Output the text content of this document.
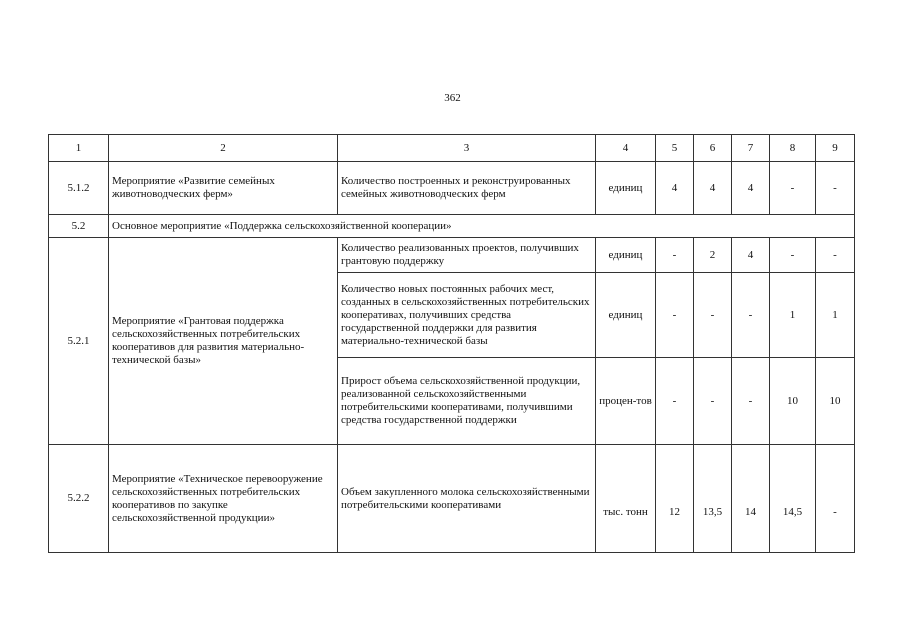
362
1	2	3	4	5	6	7	8	9
5.1.2	Мероприятие «Развитие семейных животноводческих ферм»	Количество построенных и реконструированных семейных животноводческих ферм	единиц	4	4	4	-	-
5.2	Основное мероприятие «Поддержка сельскохозяйственной кооперации»							
5.2.1	Мероприятие «Грантовая поддержка сельскохозяйственных потребительских кооперативов для развития материально-технической базы»	Количество реализованных проектов, получивших грантовую поддержку	единиц	-	2	4	-	-
		Количество новых постоянных рабочих мест, созданных в сельскохозяйственных потребительских кооперативах, получивших средства государственной поддержки для развития материально-технической базы	единиц	-	-	-	1	1
		Прирост объема сельскохозяйственной продукции, реализованной сельскохозяйственными потребительскими кооперативами, получившими средства государственной поддержки	процен-тов	-	-	-	10	10
5.2.2	Мероприятие «Техническое перевооружение сельскохозяйственных потребительских кооперативов по закупке сельскохозяйственной продукции»	Объем закупленного молока сельскохозяйственными потребительскими кооперативами	тыс. тонн	12	13,5	14	14,5	-
